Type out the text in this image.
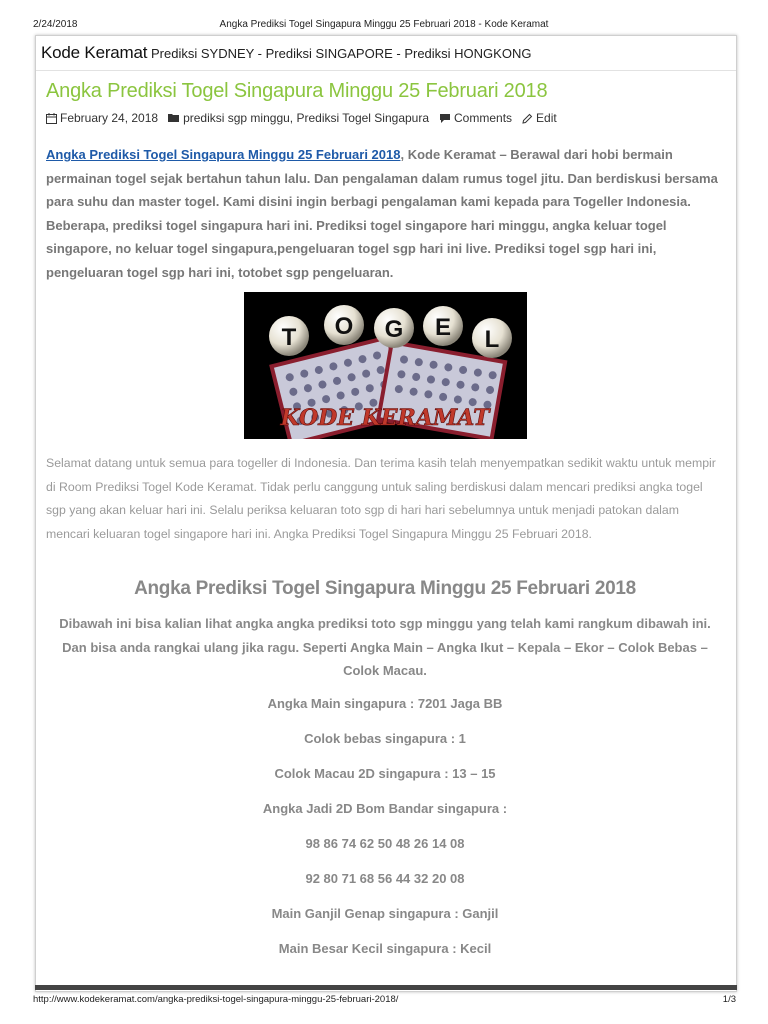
2/24/2018	Angka Prediksi Togel Singapura Minggu 25 Februari 2018 - Kode Keramat
Kode Keramat Prediksi SYDNEY - Prediksi SINGAPORE - Prediksi HONGKONG
Angka Prediksi Togel Singapura Minggu 25 Februari 2018
February 24, 2018 prediksi sgp minggu ,
Prediksi Togel Singapura Comments Edit

Angka Prediksi Togel Singapura Minggu 25 Februari 2018, Kode Keramat – Berawal dari hobi bermain permainan togel sejak bertahun tahun lalu. Dan pengalaman dalam rumus togel jitu. Dan berdiskusi bersama para suhu dan master togel. Kami disini ingin berbagi pengalaman kami kepada para Togeller Indonesia. Beberapa, prediksi togel singapura hari ini. Prediksi togel singapore hari minggu, angka keluar togel singapore, no keluar togel singapura,pengeluaran togel sgp hari ini live. Prediksi togel sgp hari ini, pengeluaran togel sgp hari ini, totobet sgp pengeluaran.

T O G E L
KODE KERAMAT
Selamat datang untuk semua para togeller di Indonesia. Dan terima kasih telah menyempatkan sedikit waktu untuk mempir di Room Prediksi Togel Kode Keramat. Tidak perlu canggung untuk saling berdiskusi dalam mencari prediksi angka togel sgp yang akan keluar hari ini. Selalu periksa keluaran toto sgp di hari hari sebelumnya untuk menjadi patokan dalam mencari keluaran togel singapore hari ini. Angka Prediksi Togel Singapura Minggu 25 Februari 2018.
Angka Prediksi Togel Singapura Minggu 25 Februari 2018
Dibawah ini bisa kalian lihat angka angka prediksi toto sgp minggu yang telah kami rangkum dibawah ini. Dan bisa anda rangkai ulang jika ragu. Seperti Angka Main – Angka Ikut – Kepala – Ekor – Colok Bebas – Colok Macau.
Angka Main singapura : 7201 Jaga BB
Colok bebas singapura : 1
Colok Macau 2D singapura : 13 – 15
Angka Jadi 2D Bom Bandar singapura :
98 86 74 62 50 48 26 14 08
92 80 71 68 56 44 32 20 08
Main Ganjil Genap singapura : Ganjil
Main Besar Kecil singapura : Kecil
http://www.kodekeramat.com/angka-prediksi-togel-singapura-minggu-25-februari-2018/	1/3
